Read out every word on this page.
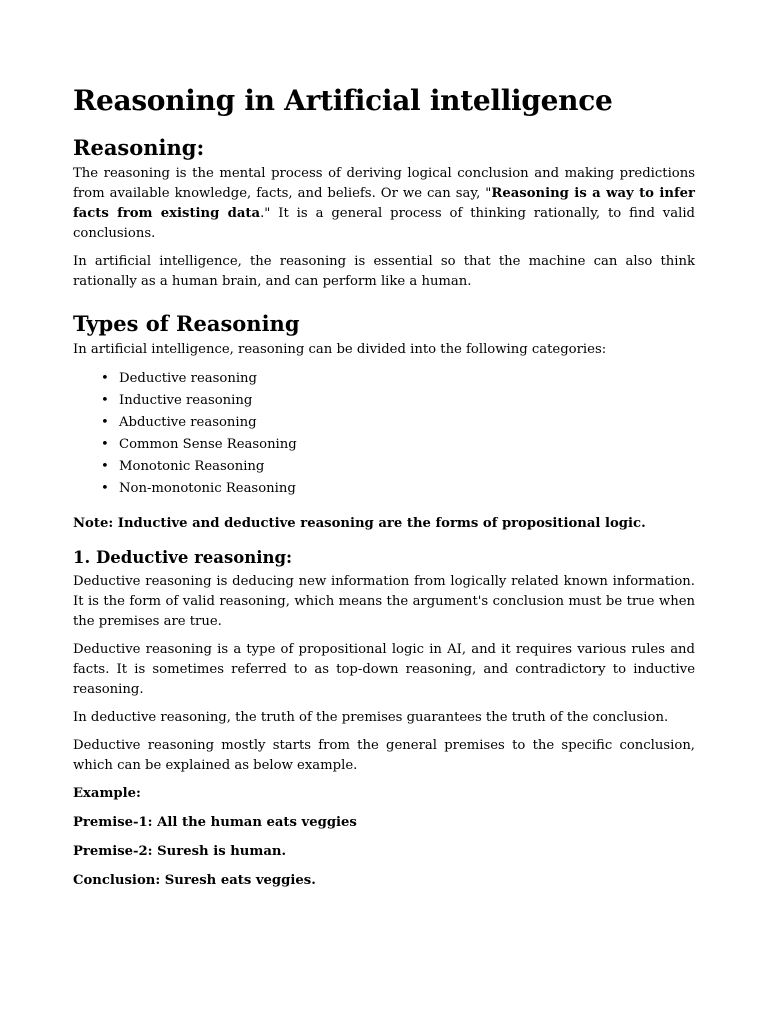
Reasoning in Artificial intelligence
Reasoning:

The reasoning is the mental process of deriving logical conclusion and making predictions from available knowledge, facts, and beliefs. Or we can say, "Reasoning is a way to infer facts from existing data." It is a general process of thinking rationally, to find valid conclusions.

In artificial intelligence, the reasoning is essential so that the machine can also think rationally as a human brain, and can perform like a human.

Types of Reasoning

In artificial intelligence, reasoning can be divided into the following categories:

• Deductive reasoning
• Inductive reasoning
• Abductive reasoning
• Common Sense Reasoning
• Monotonic Reasoning
• Non-monotonic Reasoning

Note: Inductive and deductive reasoning are the forms of propositional logic.

1. Deductive reasoning:

Deductive reasoning is deducing new information from logically related known information. It is the form of valid reasoning, which means the argument's conclusion must be true when the premises are true.

Deductive reasoning is a type of propositional logic in AI, and it requires various rules and facts. It is sometimes referred to as top-down reasoning, and contradictory to inductive reasoning.

In deductive reasoning, the truth of the premises guarantees the truth of the conclusion.

Deductive reasoning mostly starts from the general premises to the specific conclusion, which can be explained as below example.

Example:

Premise-1: All the human eats veggies

Premise-2: Suresh is human.

Conclusion: Suresh eats veggies.
